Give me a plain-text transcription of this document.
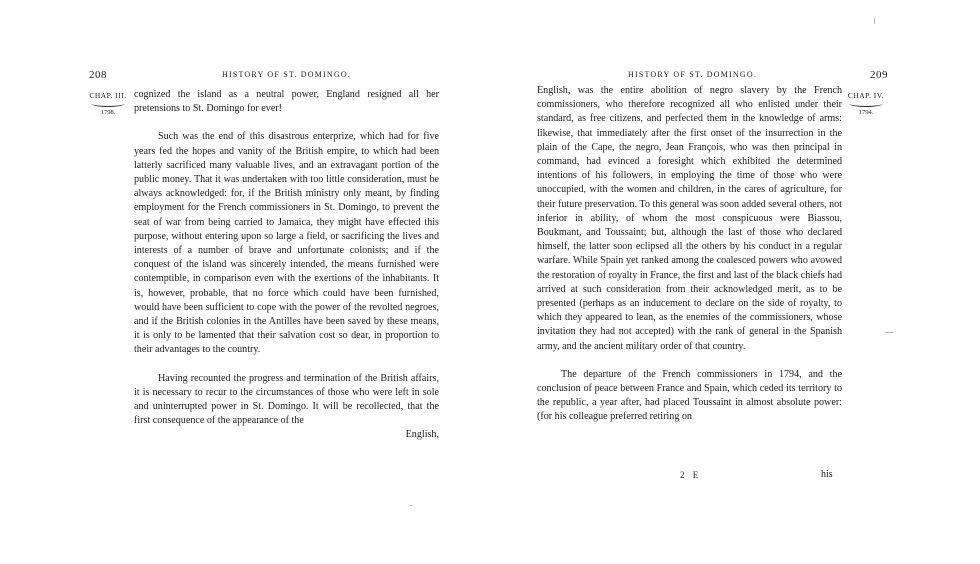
208	HISTORY OF ST. DOMINGO.
CHAP. III.
1798.

cognized the island as a neutral power, England resigned all her pretensions to St. Domingo for ever!

Such was the end of this disastrous enterprize, which had for five years fed the hopes and vanity of the British empire, to which had been latterly sacrificed many valuable lives, and an extravagant portion of the public money. That it was undertaken with too little consideration, must be always acknowledged: for, if the British ministry only meant, by finding employment for the French commissioners in St. Domingo, to prevent the seat of war from being carried to Jamaica, they might have effected this purpose, without entering upon so large a field, or sacrificing the lives and interests of a number of brave and unfortunate colonists; and if the conquest of the island was sincerely intended, the means furnished were contemptible, in comparison even with the exertions of the inhabitants. It is, however, probable, that no force which could have been furnished, would have been sufficient to cope with the power of the revolted negroes, and if the British colonies in the Antilles have been saved by these means, it is only to be lamented that their salvation cost so dear, in proportion to their advantages to the country.

Having recounted the progress and termination of the British affairs, it is necessary to recur to the circumstances of those who were left in sole and uninterrupted power in St. Domingo. It will be recollected, that the first consequence of the appearance of the

English,

HISTORY OF ST. DOMINGO.	209
CHAP. IV.
1794.

English, was the entire abolition of negro slavery by the French commissioners, who therefore recognized all who enlisted under their standard, as free citizens, and perfected them in the knowledge of arms: likewise, that immediately after the first onset of the insurrection in the plain of the Cape, the negro, Jean François, who was then principal in command, had evinced a foresight which exhibited the determined intentions of his followers, in employing the time of those who were unoccupied, with the women and children, in the cares of agriculture, for their future preservation. To this general was soon added several others, not inferior in ability, of whom the most conspicuous were Biassou, Boukmant, and Toussaint; but, although the last of those who declared himself, the latter soon eclipsed all the others by his conduct in a regular warfare. While Spain yet ranked among the coalesced powers who avowed the restoration of royalty in France, the first and last of the black chiefs had arrived at such consideration from their acknowledged merit, as to be presented (perhaps as an inducement to declare on the side of royalty, to which they appeared to lean, as the enemies of the commissioners, whose invitation they had not accepted) with the rank of general in the Spanish army, and the ancient military order of that country.

The departure of the French commissioners in 1794, and the conclusion of peace between France and Spain, which ceded its territory to the republic, a year after, had placed Toussaint in almost absolute power: (for his colleague preferred retiring on

2 E	his
